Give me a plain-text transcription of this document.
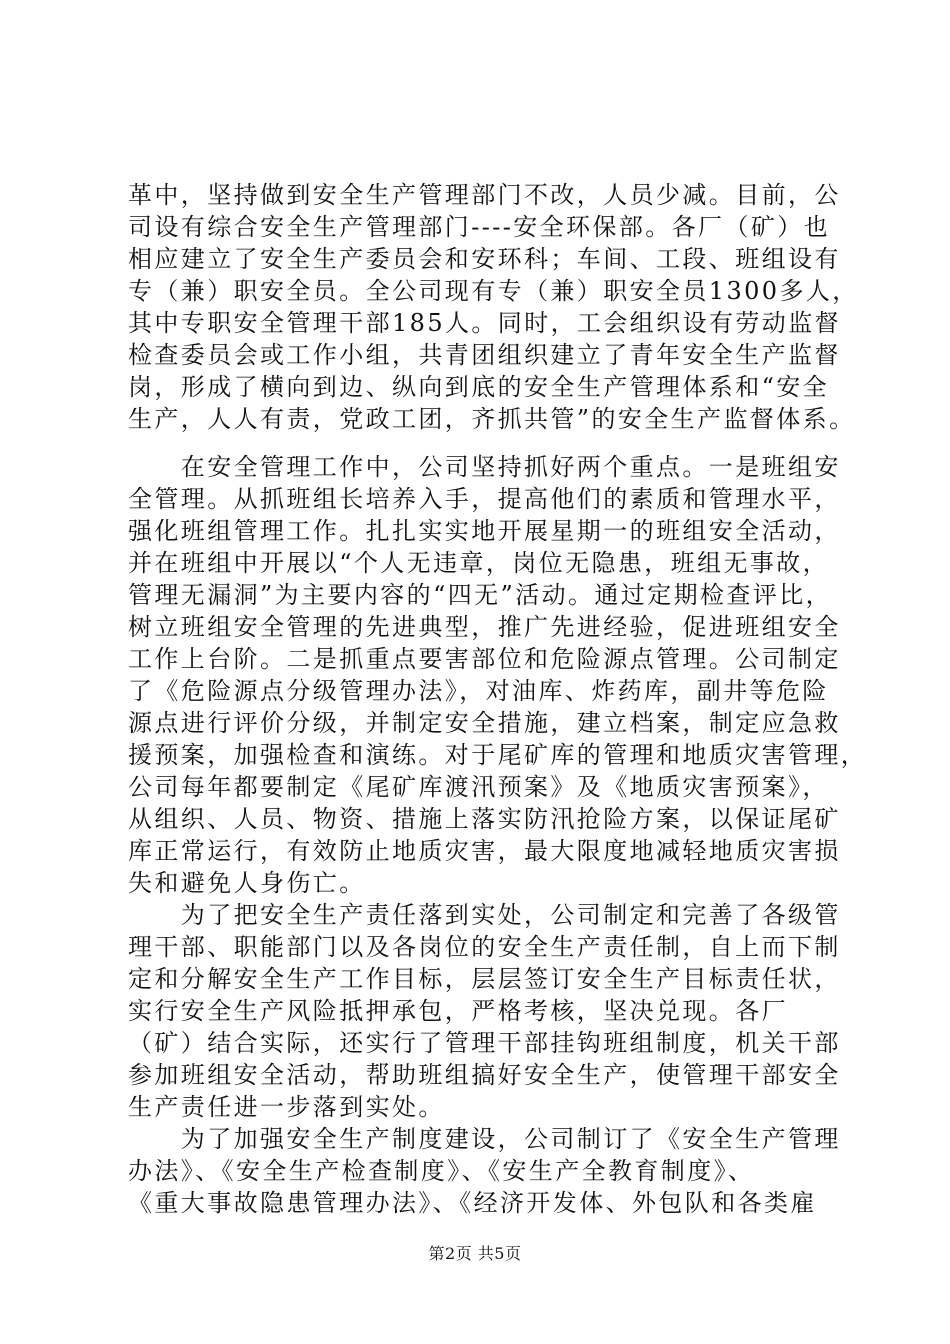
革中，坚持做到安全生产管理部门不改，人员少减。目前，公
司设有综合安全生产管理部门----安全环保部。各厂（矿）也
相应建立了安全生产委员会和安环科；车间、工段、班组设有
专（兼）职安全员。全公司现有专（兼）职安全员1300多人，
其中专职安全管理干部185人。同时，工会组织设有劳动监督
检查委员会或工作小组，共青团组织建立了青年安全生产监督
岗，形成了横向到边、纵向到底的安全生产管理体系和“安全
生产，人人有责，党政工团，齐抓共管”的安全生产监督体系。
　　在安全管理工作中，公司坚持抓好两个重点。一是班组安
全管理。从抓班组长培养入手，提高他们的素质和管理水平，
强化班组管理工作。扎扎实实地开展星期一的班组安全活动，
并在班组中开展以“个人无违章，岗位无隐患，班组无事故，
管理无漏洞”为主要内容的“四无”活动。通过定期检查评比，
树立班组安全管理的先进典型，推广先进经验，促进班组安全
工作上台阶。二是抓重点要害部位和危险源点管理。公司制定
了《危险源点分级管理办法》，对油库、炸药库，副井等危险
源点进行评价分级，并制定安全措施，建立档案，制定应急救
援预案，加强检查和演练。对于尾矿库的管理和地质灾害管理，
公司每年都要制定《尾矿库渡汛预案》及《地质灾害预案》，
从组织、人员、物资、措施上落实防汛抢险方案，以保证尾矿
库正常运行，有效防止地质灾害，最大限度地减轻地质灾害损
失和避免人身伤亡。
　　为了把安全生产责任落到实处，公司制定和完善了各级管
理干部、职能部门以及各岗位的安全生产责任制，自上而下制
定和分解安全生产工作目标，层层签订安全生产目标责任状，
实行安全生产风险抵押承包，严格考核，坚决兑现。各厂
（矿）结合实际，还实行了管理干部挂钩班组制度，机关干部
参加班组安全活动，帮助班组搞好安全生产，使管理干部安全
生产责任进一步落到实处。
　　为了加强安全生产制度建设，公司制订了《安全生产管理
办法》、《安全生产检查制度》、《安生产全教育制度》、
《重大事故隐患管理办法》、《经济开发体、外包队和各类雇
第2页 共5页
